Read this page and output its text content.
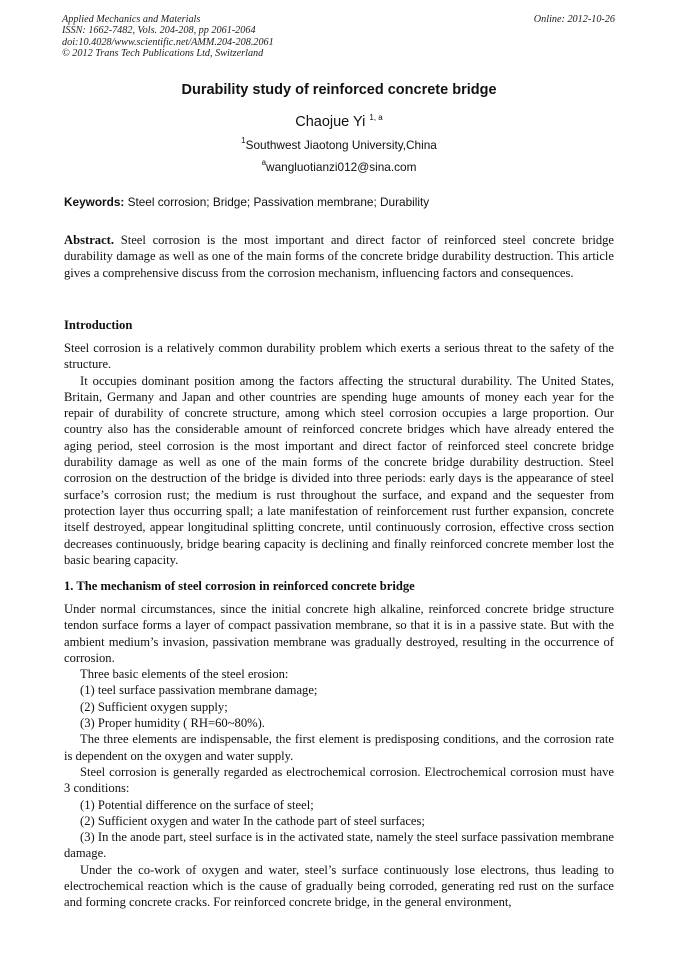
Applied Mechanics and Materials	Online: 2012-10-26
ISSN: 1662-7482, Vols. 204-208, pp 2061-2064
doi:10.4028/www.scientific.net/AMM.204-208.2061
© 2012 Trans Tech Publications Ltd, Switzerland
Durability study of reinforced concrete bridge
Chaojue Yi $^{1, a}$
$^1$Southwest Jiaotong University,China
$^a$wangluotianzi012@sina.com
Keywords: Steel corrosion; Bridge; Passivation membrane; Durability

Abstract. Steel corrosion is the most important and direct factor of reinforced steel concrete bridge durability damage as well as one of the main forms of the concrete bridge durability destruction. This article gives a comprehensive discuss from the corrosion mechanism, influencing factors and consequences.

Introduction

Steel corrosion is a relatively common durability problem which exerts a serious threat to the safety of the structure.

It occupies dominant position among the factors affecting the structural durability. The United States, Britain, Germany and Japan and other countries are spending huge amounts of money each year for the repair of durability of concrete structure, among which steel corrosion occupies a large proportion. Our country also has the considerable amount of reinforced concrete bridges which have already entered the aging period, steel corrosion is the most important and direct factor of reinforced steel concrete bridge durability damage as well as one of the main forms of the concrete bridge durability destruction. Steel corrosion on the destruction of the bridge is divided into three periods: early days is the appearance of steel surface’s corrosion rust; the medium is rust throughout the surface, and expand and the sequester from protection layer thus occurring spall; a late manifestation of reinforcement rust further expansion, concrete itself destroyed, appear longitudinal splitting concrete, until continuously corrosion, effective cross section decreases continuously, bridge bearing capacity is declining and finally reinforced concrete member lost the basic bearing capacity.

1. The mechanism of steel corrosion in reinforced concrete bridge

Under normal circumstances, since the initial concrete high alkaline, reinforced concrete bridge structure tendon surface forms a layer of compact passivation membrane, so that it is in a passive state. But with the ambient medium’s invasion, passivation membrane was gradually destroyed, resulting in the occurrence of corrosion.

Three basic elements of the steel erosion:

(1) teel surface passivation membrane damage;

(2) Sufficient oxygen supply;

(3) Proper humidity ( RH=60~80%).

The three elements are indispensable, the first element is predisposing conditions, and the corrosion rate is dependent on the oxygen and water supply.

Steel corrosion is generally regarded as electrochemical corrosion. Electrochemical corrosion must have 3 conditions:

(1) Potential difference on the surface of steel;

(2) Sufficient oxygen and water In the cathode part of steel surfaces;

(3) In the anode part, steel surface is in the activated state, namely the steel surface passivation membrane damage.

Under the co-work of oxygen and water, steel’s surface continuously lose electrons, thus leading to electrochemical reaction which is the cause of gradually being corroded, generating red rust on the surface and forming concrete cracks. For reinforced concrete bridge, in the general environment,
